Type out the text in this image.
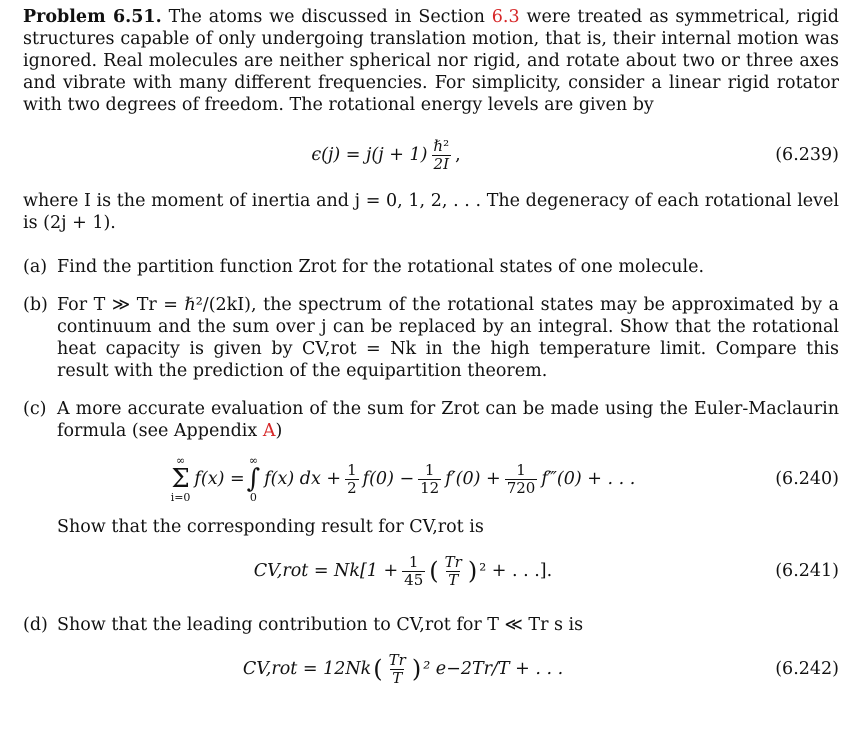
Problem 6.51. The atoms we discussed in Section 6.3 were treated as symmetrical, rigid structures capable of only undergoing translation motion, that is, their internal motion was ignored. Real molecules are neither spherical nor rigid, and rotate about two or three axes and vibrate with many different frequencies. For simplicity, consider a linear rigid rotator with two degrees of freedom. The rotational energy levels are given by

$\epsilon(j) = j(j + 1) \frac{\text{ℏ²}}{2I}$ ,	(6.239)

where I is the moment of inertia and j = 0, 1, 2, . . . The degeneracy of each rotational level is (2j + 1).

(a) Find the partition function Zrot for the rotational states of one molecule.
(b) For T ≫ Tr = ℏ²/(2kI), the spectrum of the rotational states may be approximated by a continuum and the sum over j can be replaced by an integral. Show that the rotational heat capacity is given by CV,rot = Nk in the high temperature limit. Compare this result with the prediction of the equipartition theorem.
(c) A more accurate evaluation of the sum for Zrot can be made using the Euler-Maclaurin formula (see Appendix A)
∞
Σ
i=0
f(x) =
∞
∫
0
f(x) dx + $\frac{1}{2} f(0) - \frac{1}{12} f'(0) + \frac{1}{720}$ f‴(0) + . . .	(6.240)
Show that the corresponding result for CV,rot is
$CV,rot = Nk[1 + \frac{1}{45}$ ( $\frac{Tr}{T}$ ) ² + . . .].	(6.241)
(d) Show that the leading contribution to CV,rot for T ≪ Tr s is
CV,rot = 12Nk ( $\frac{Tr}{T}$ ) ² e−2Tr/T + . . .	(6.242)
